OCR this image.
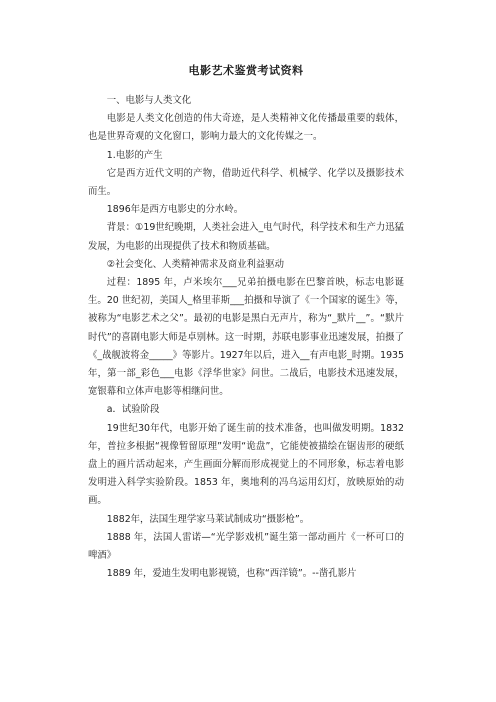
电影艺术鉴赏考试资料

一、电影与人类文化

电影是人类文化创造的伟大奇迹，是人类精神文化传播最重要的载体，也是世界奇观的文化窗口，影响力最大的文化传媒之一。

1.电影的产生

它是西方近代文明的产物，借助近代科学、机械学、化学以及摄影技术而生。

1896年是西方电影史的分水岭。

背景：①19世纪晚期，人类社会进入_电气时代，科学技术和生产力迅猛发展，为电影的出现提供了技术和物质基础。

②社会变化、人类精神需求及商业利益驱动

过程：1895 年，卢米埃尔___兄弟拍摄电影在巴黎首映，标志电影诞生。20 世纪初，美国人_格里菲斯___拍摄和导演了《一个国家的诞生》等，被称为“电影艺术之父”。最初的电影是黑白无声片，称为“_默片__”。“默片时代”的喜剧电影大师是卓别林。这一时期，苏联电影事业迅速发展，拍摄了《_战舰波将金_____》等影片。1927年以后，进入__有声电影_时期。1935 年，第一部_彩色___电影《浮华世家》问世。二战后，电影技术迅速发展，宽银幕和立体声电影等相继问世。

a．试验阶段

19世纪30年代，电影开始了诞生前的技术准备，也叫做发明期。1832 年，普拉多根据“视像暂留原理”发明“诡盘”，它能使被描绘在锯齿形的硬纸盘上的画片活动起来，产生画面分解而形成视觉上的不同形象，标志着电影发明进入科学实验阶段。1853 年，奥地利的冯乌运用幻灯，放映原始的动画。

1882年，法国生理学家马莱试制成功“摄影枪”。

1888 年，法国人雷诺—“光学影戏机”诞生第一部动画片《一杯可口的啤酒》

1889 年，爱迪生发明电影视镜，也称“西洋镜”。--凿孔影片
